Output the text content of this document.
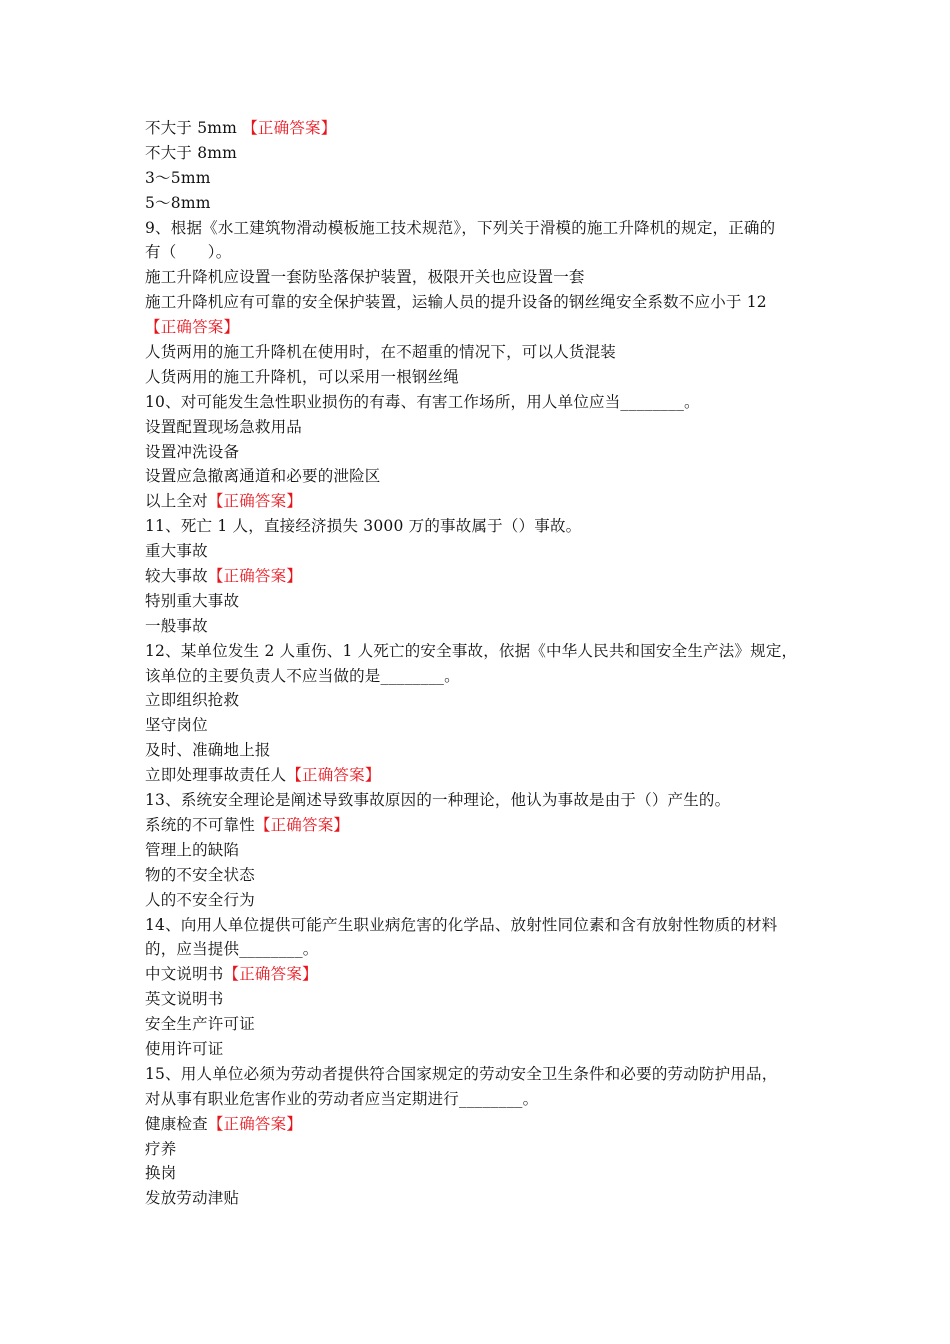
不大于 5mm 【正确答案】
不大于 8mm
3～5mm
5～8mm
9、根据《水工建筑物滑动模板施工技术规范》，下列关于滑模的施工升降机的规定，正确的
有（　　）。
施工升降机应设置一套防坠落保护装置，极限开关也应设置一套
施工升降机应有可靠的安全保护装置，运输人员的提升设备的钢丝绳安全系数不应小于 12
【正确答案】
人货两用的施工升降机在使用时，在不超重的情况下，可以人货混装
人货两用的施工升降机，可以采用一根钢丝绳
10、对可能发生急性职业损伤的有毒、有害工作场所，用人单位应当________。
设置配置现场急救用品
设置冲洗设备
设置应急撤离通道和必要的泄险区
以上全对【正确答案】
11、死亡 1 人，直接经济损失 3000 万的事故属于（）事故。
重大事故
较大事故【正确答案】
特别重大事故
一般事故
12、某单位发生 2 人重伤、1 人死亡的安全事故，依据《中华人民共和国安全生产法》规定，
该单位的主要负责人不应当做的是________。
立即组织抢救
坚守岗位
及时、准确地上报
立即处理事故责任人【正确答案】
13、系统安全理论是阐述导致事故原因的一种理论，他认为事故是由于（）产生的。
系统的不可靠性【正确答案】
管理上的缺陷
物的不安全状态
人的不安全行为
14、向用人单位提供可能产生职业病危害的化学品、放射性同位素和含有放射性物质的材料
的，应当提供________。
中文说明书【正确答案】
英文说明书
安全生产许可证
使用许可证
15、用人单位必须为劳动者提供符合国家规定的劳动安全卫生条件和必要的劳动防护用品，
对从事有职业危害作业的劳动者应当定期进行________。
健康检查【正确答案】
疗养
换岗
发放劳动津贴
